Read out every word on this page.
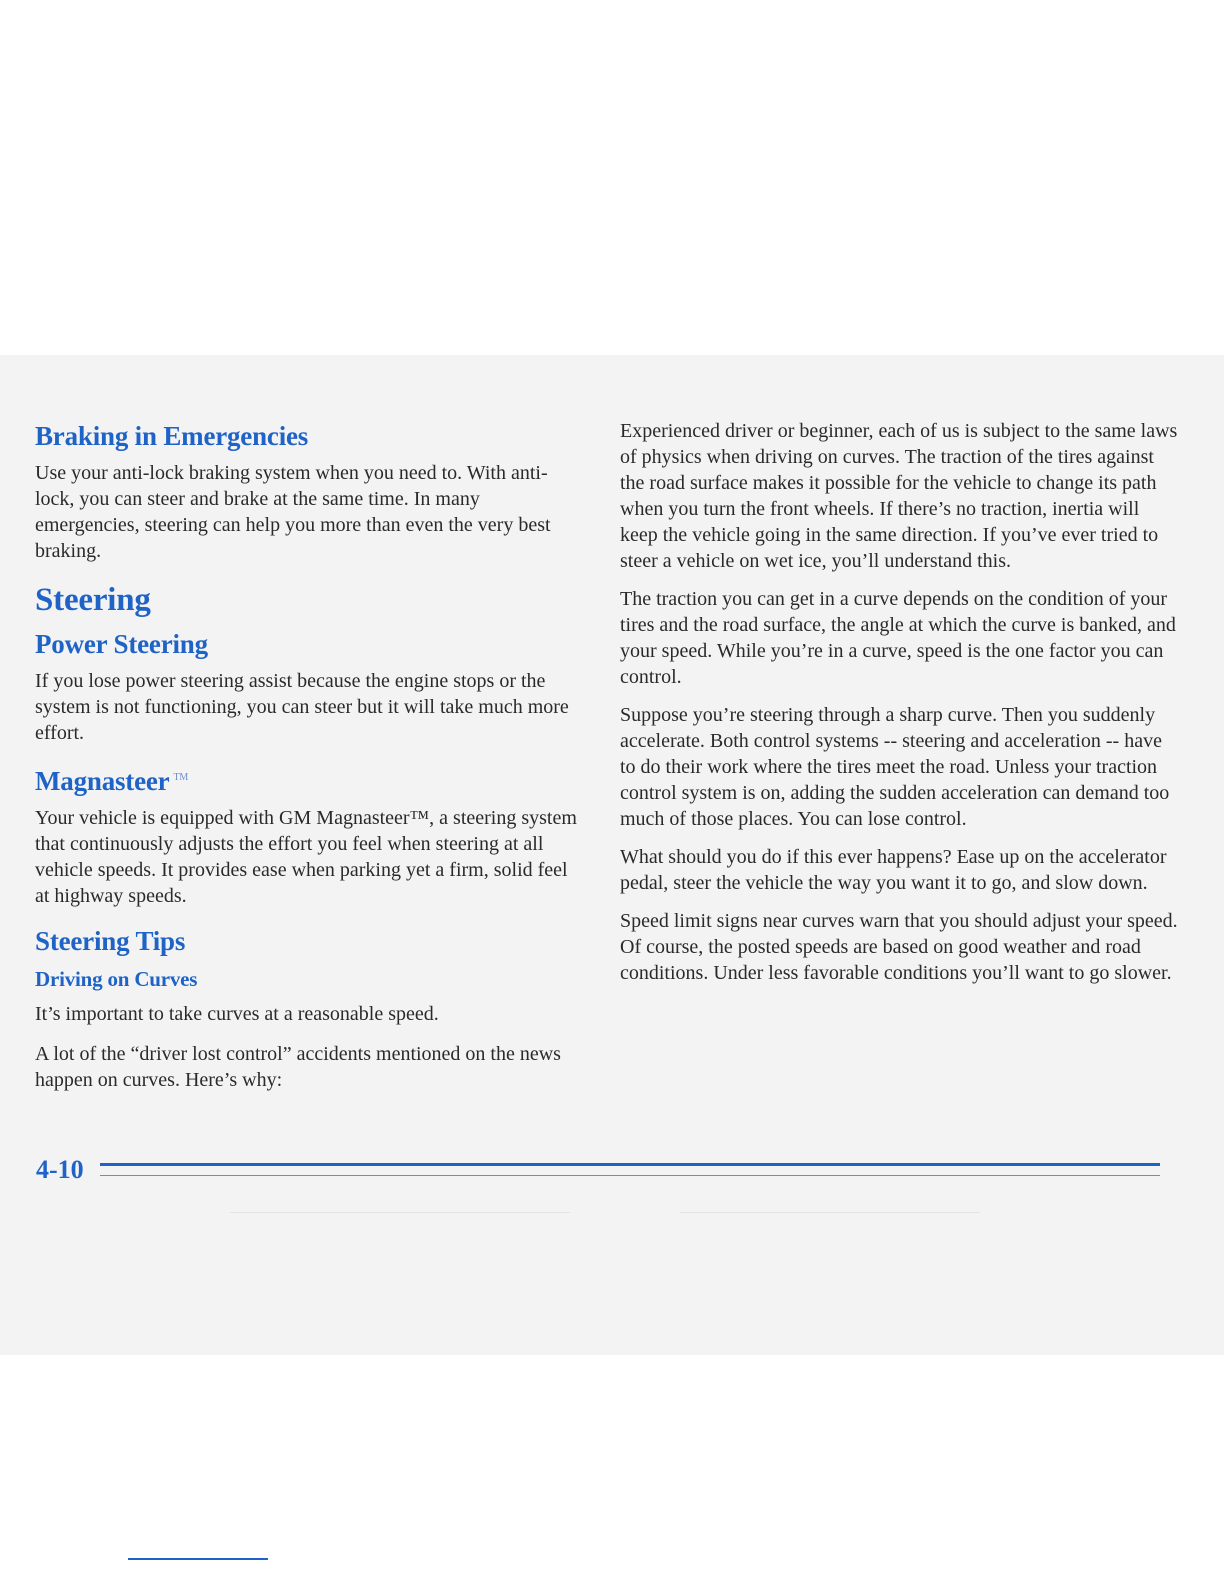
Braking in Emergencies

Use your anti-lock braking system when you need to. With anti-lock, you can steer and brake at the same time. In many emergencies, steering can help you more than even the very best braking.

Steering
Power Steering

If you lose power steering assist because the engine stops or the system is not functioning, you can steer but it will take much more effort.

Magnasteer ™

Your vehicle is equipped with GM Magnasteer™, a steering system that continuously adjusts the effort you feel when steering at all vehicle speeds. It provides ease when parking yet a firm, solid feel at highway speeds.

Steering Tips
Driving on Curves

It’s important to take curves at a reasonable speed.

A lot of the “driver lost control” accidents mentioned on the news happen on curves. Here’s why:

Experienced driver or beginner, each of us is subject to the same laws of physics when driving on curves. The traction of the tires against the road surface makes it possible for the vehicle to change its path when you turn the front wheels. If there’s no traction, inertia will keep the vehicle going in the same direction. If you’ve ever tried to steer a vehicle on wet ice, you’ll understand this.

The traction you can get in a curve depends on the condition of your tires and the road surface, the angle at which the curve is banked, and your speed. While you’re in a curve, speed is the one factor you can control.

Suppose you’re steering through a sharp curve. Then you suddenly accelerate. Both control systems -- steering and acceleration -- have to do their work where the tires meet the road. Unless your traction control system is on, adding the sudden acceleration can demand too much of those places. You can lose control.

What should you do if this ever happens? Ease up on the accelerator pedal, steer the vehicle the way you want it to go, and slow down.

Speed limit signs near curves warn that you should adjust your speed. Of course, the posted speeds are based on good weather and road conditions. Under less favorable conditions you’ll want to go slower.

4-10
